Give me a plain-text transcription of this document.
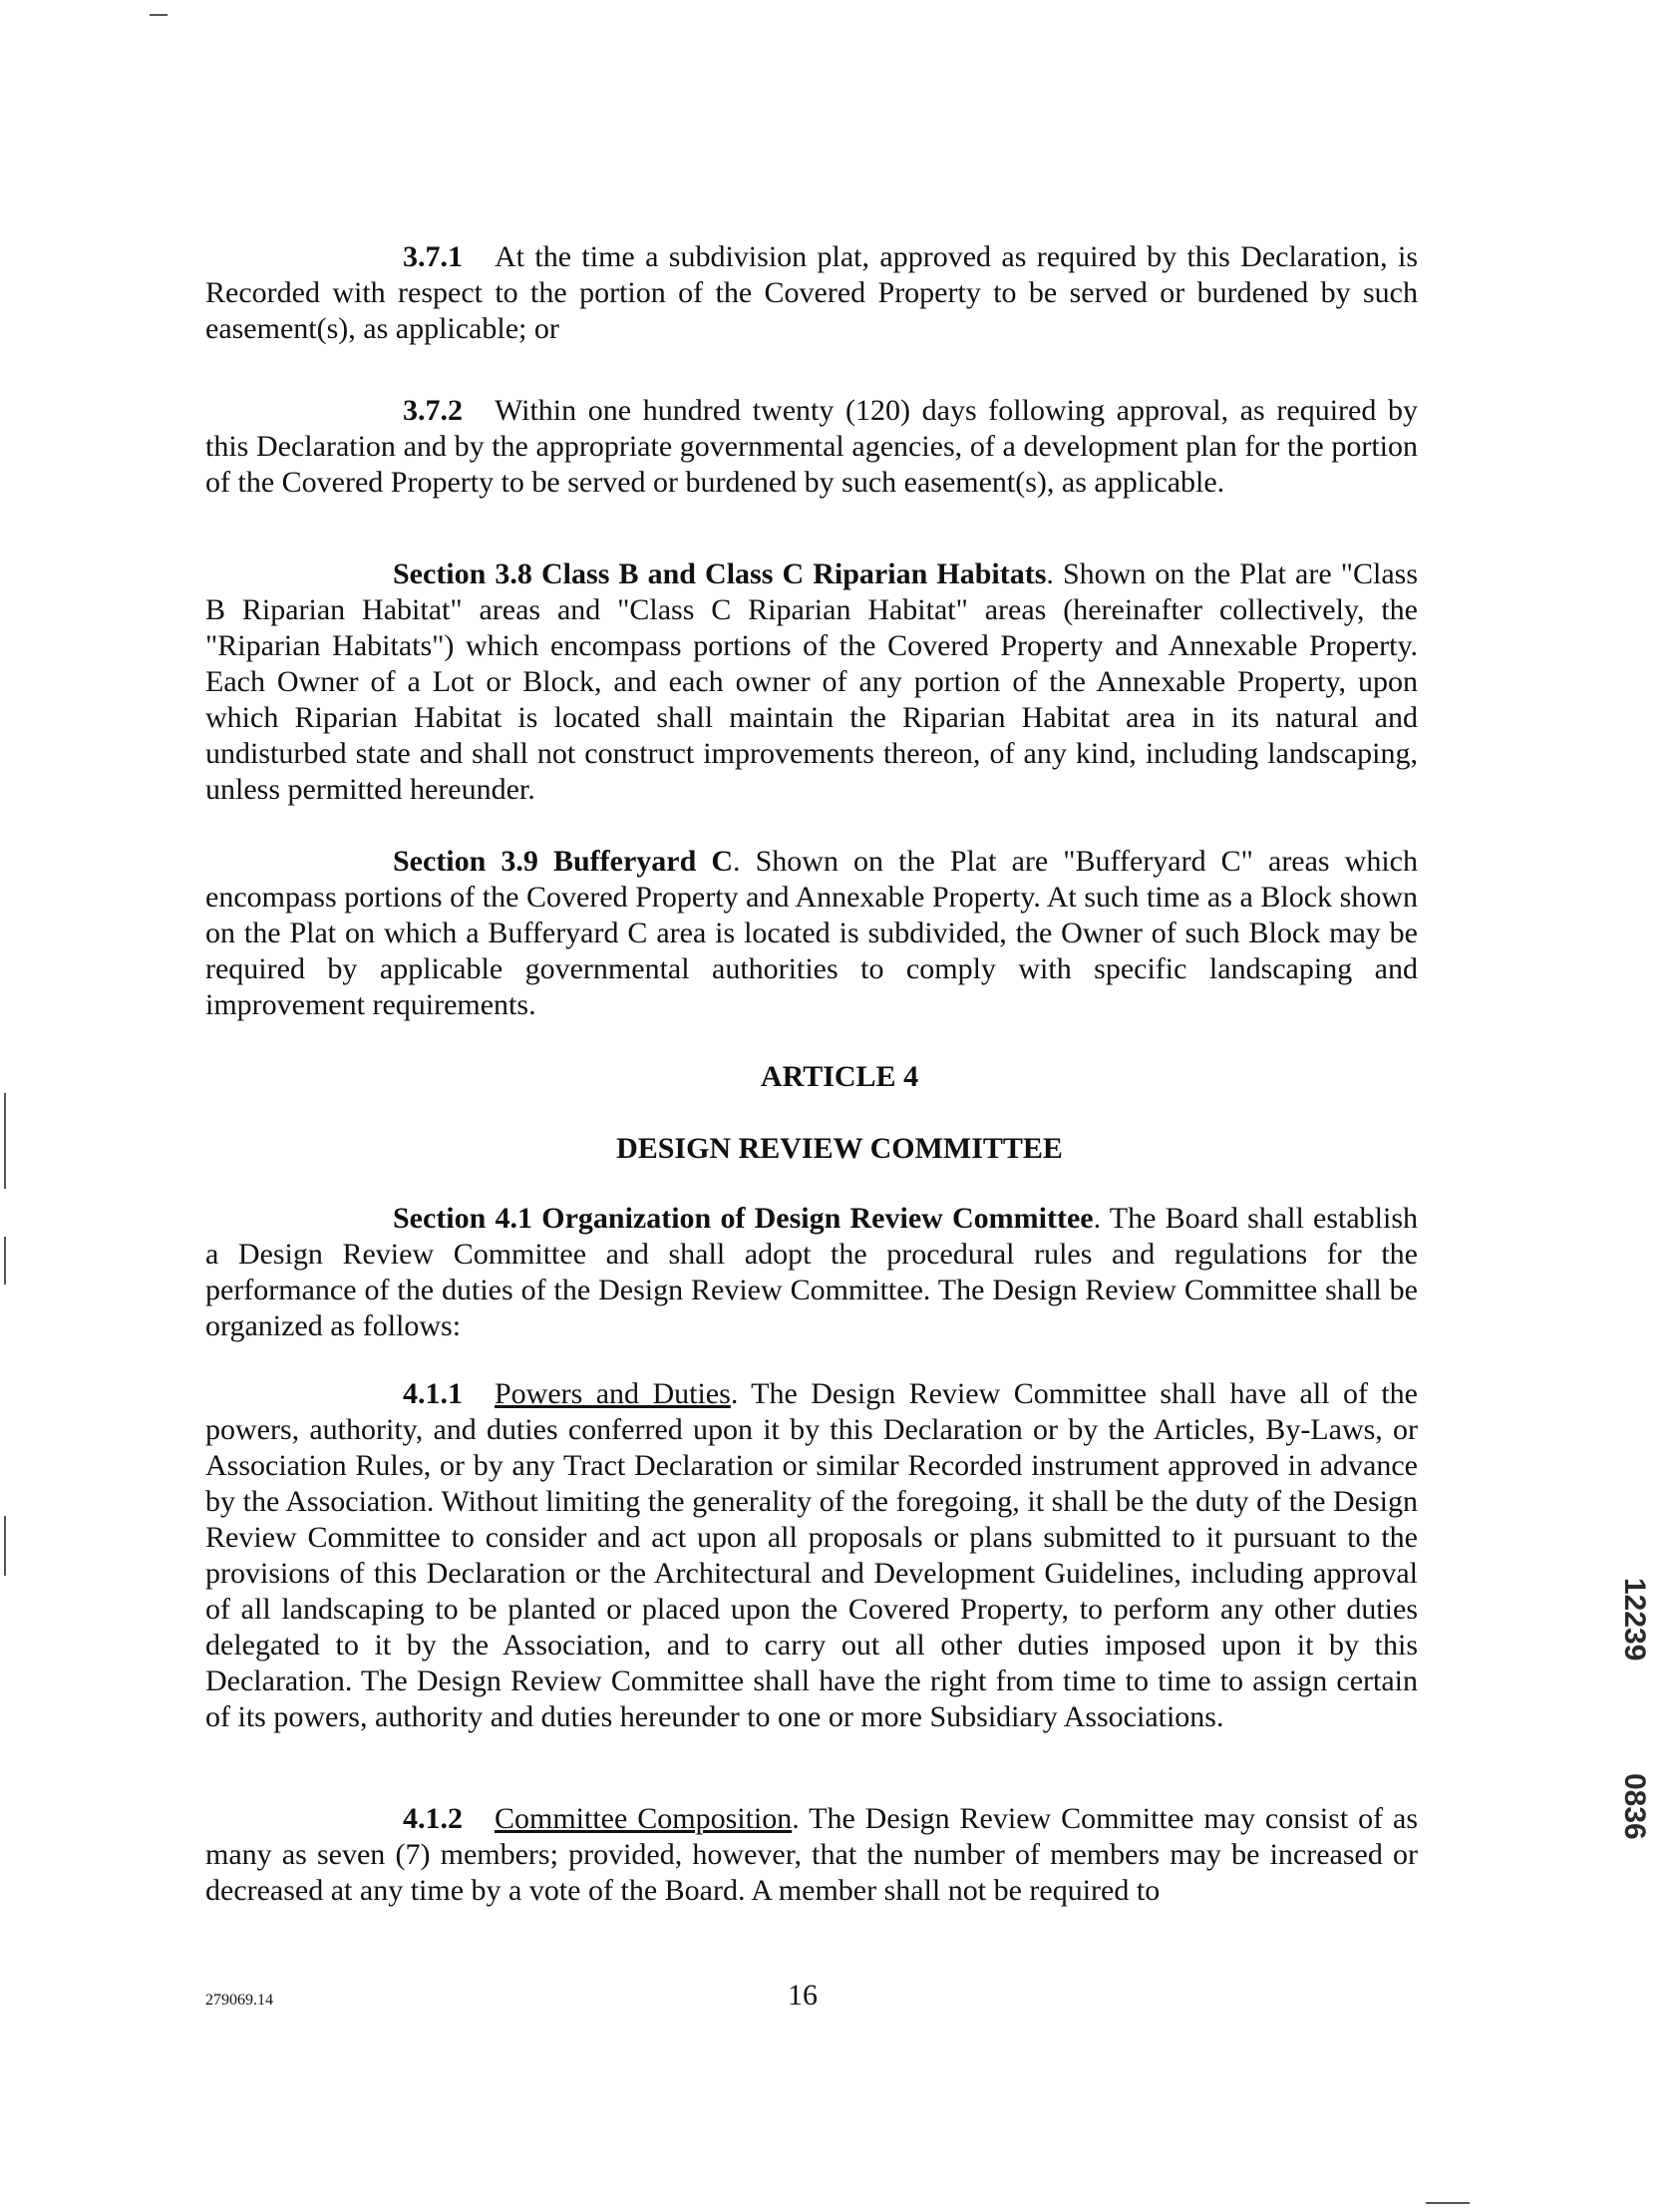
3.7.1 At the time a subdivision plat, approved as required by this Declaration, is Recorded with respect to the portion of the Covered Property to be served or burdened by such easement(s), as applicable; or

3.7.2 Within one hundred twenty (120) days following approval, as required by this Declaration and by the appropriate governmental agencies, of a development plan for the portion of the Covered Property to be served or burdened by such easement(s), as applicable.

Section 3.8 Class B and Class C Riparian Habitats. Shown on the Plat are "Class B Riparian Habitat" areas and "Class C Riparian Habitat" areas (hereinafter collectively, the "Riparian Habitats") which encompass portions of the Covered Property and Annexable Property. Each Owner of a Lot or Block, and each owner of any portion of the Annexable Property, upon which Riparian Habitat is located shall maintain the Riparian Habitat area in its natural and undisturbed state and shall not construct improvements thereon, of any kind, including landscaping, unless permitted hereunder.

Section 3.9 Bufferyard C. Shown on the Plat are "Bufferyard C" areas which encompass portions of the Covered Property and Annexable Property. At such time as a Block shown on the Plat on which a Bufferyard C area is located is subdivided, the Owner of such Block may be required by applicable governmental authorities to comply with specific landscaping and improvement requirements.

ARTICLE 4
DESIGN REVIEW COMMITTEE

Section 4.1 Organization of Design Review Committee. The Board shall establish a Design Review Committee and shall adopt the procedural rules and regulations for the performance of the duties of the Design Review Committee. The Design Review Committee shall be organized as follows:

4.1.1 Powers and Duties. The Design Review Committee shall have all of the powers, authority, and duties conferred upon it by this Declaration or by the Articles, By-Laws, or Association Rules, or by any Tract Declaration or similar Recorded instrument approved in advance by the Association. Without limiting the generality of the foregoing, it shall be the duty of the Design Review Committee to consider and act upon all proposals or plans submitted to it pursuant to the provisions of this Declaration or the Architectural and Development Guidelines, including approval of all landscaping to be planted or placed upon the Covered Property, to perform any other duties delegated to it by the Association, and to carry out all other duties imposed upon it by this Declaration. The Design Review Committee shall have the right from time to time to assign certain of its powers, authority and duties hereunder to one or more Subsidiary Associations.

4.1.2 Committee Composition. The Design Review Committee may consist of as many as seven (7) members; provided, however, that the number of members may be increased or decreased at any time by a vote of the Board. A member shall not be required to

279069.14	16
12239
0836
